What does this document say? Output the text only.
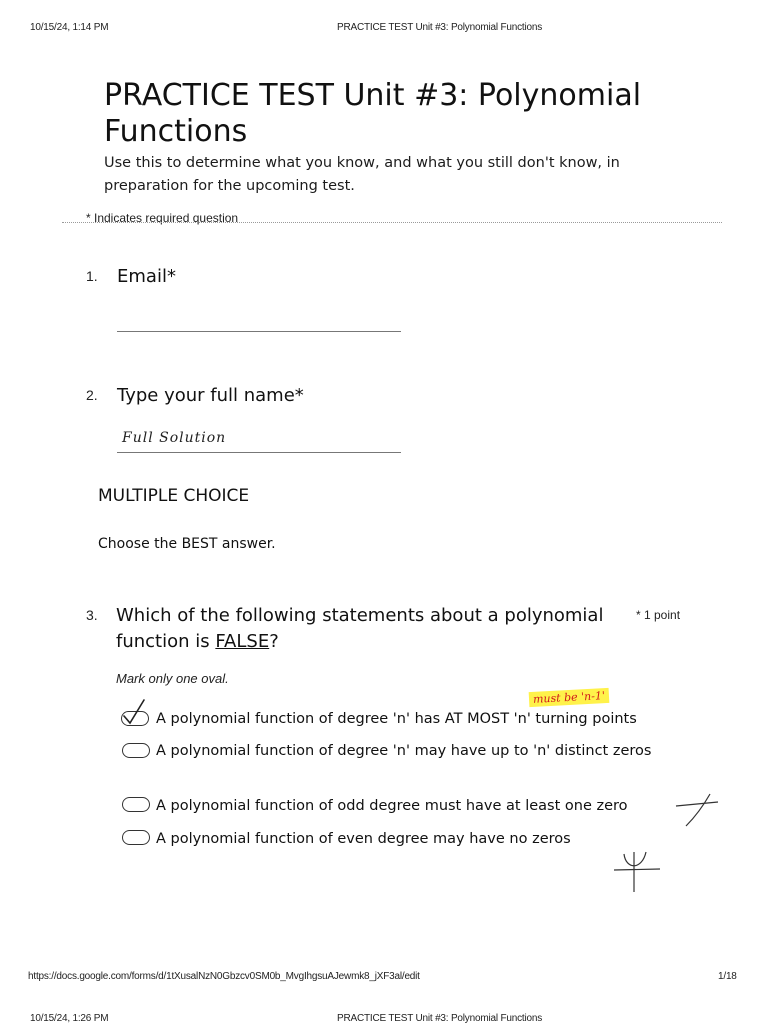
10/15/24, 1:14 PM	PRACTICE TEST Unit #3: Polynomial Functions
PRACTICE TEST Unit #3: Polynomial Functions
Use this to determine what you know, and what you still don't know, in preparation for the upcoming test.
* Indicates required question
1. Email*
2. Type your full name*
Full Solution
MULTIPLE CHOICE
Choose the BEST answer.
3. Which of the following statements about a polynomial function is FALSE?
* 1 point
Mark only one oval.
must be 'n-1'
A polynomial function of degree 'n' has AT MOST 'n' turning points
A polynomial function of degree 'n' may have up to 'n' distinct zeros
A polynomial function of odd degree must have at least one zero
A polynomial function of even degree may have no zeros
https://docs.google.com/forms/d/1tXusalNzN0Gbzcv0SM0b_MvgIhgsuAJewmk8_jXF3al/edit	1/18
10/15/24, 1:26 PM	PRACTICE TEST Unit #3: Polynomial Functions
